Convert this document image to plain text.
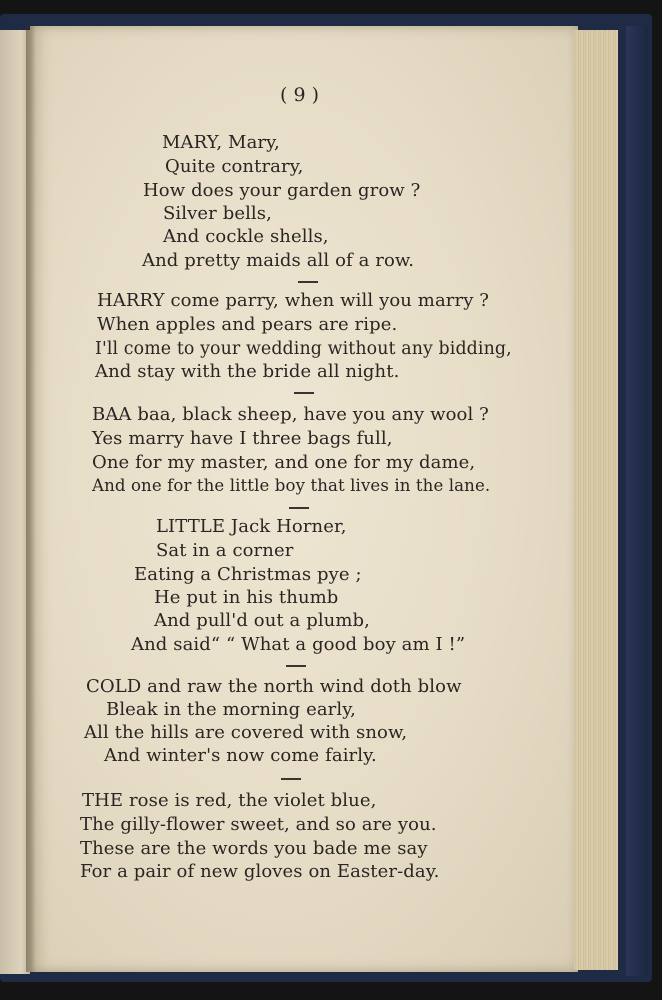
( 9 )
MARY, Mary,
Quite contrary,
How does your garden grow ?
Silver bells,
And cockle shells,
And pretty maids all of a row.
HARRY come parry, when will you marry ?
When apples and pears are ripe.
I'll come to your wedding without any bidding,
And stay with the bride all night.
BAA baa, black sheep, have you any wool ?
Yes marry have I three bags full,
One for my master, and one for my dame,
And one for the little boy that lives in the lane.
LITTLE Jack Horner,
Sat in a corner
Eating a Christmas pye ;
He put in his thumb
And pull'd out a plumb,
And said“ “ What a good boy am I !”
COLD and raw the north wind doth blow
Bleak in the morning early,
All the hills are covered with snow,
And winter's now come fairly.
THE rose is red, the violet blue,
The gilly-flower sweet, and so are you.
These are the words you bade me say
For a pair of new gloves on Easter-day.
